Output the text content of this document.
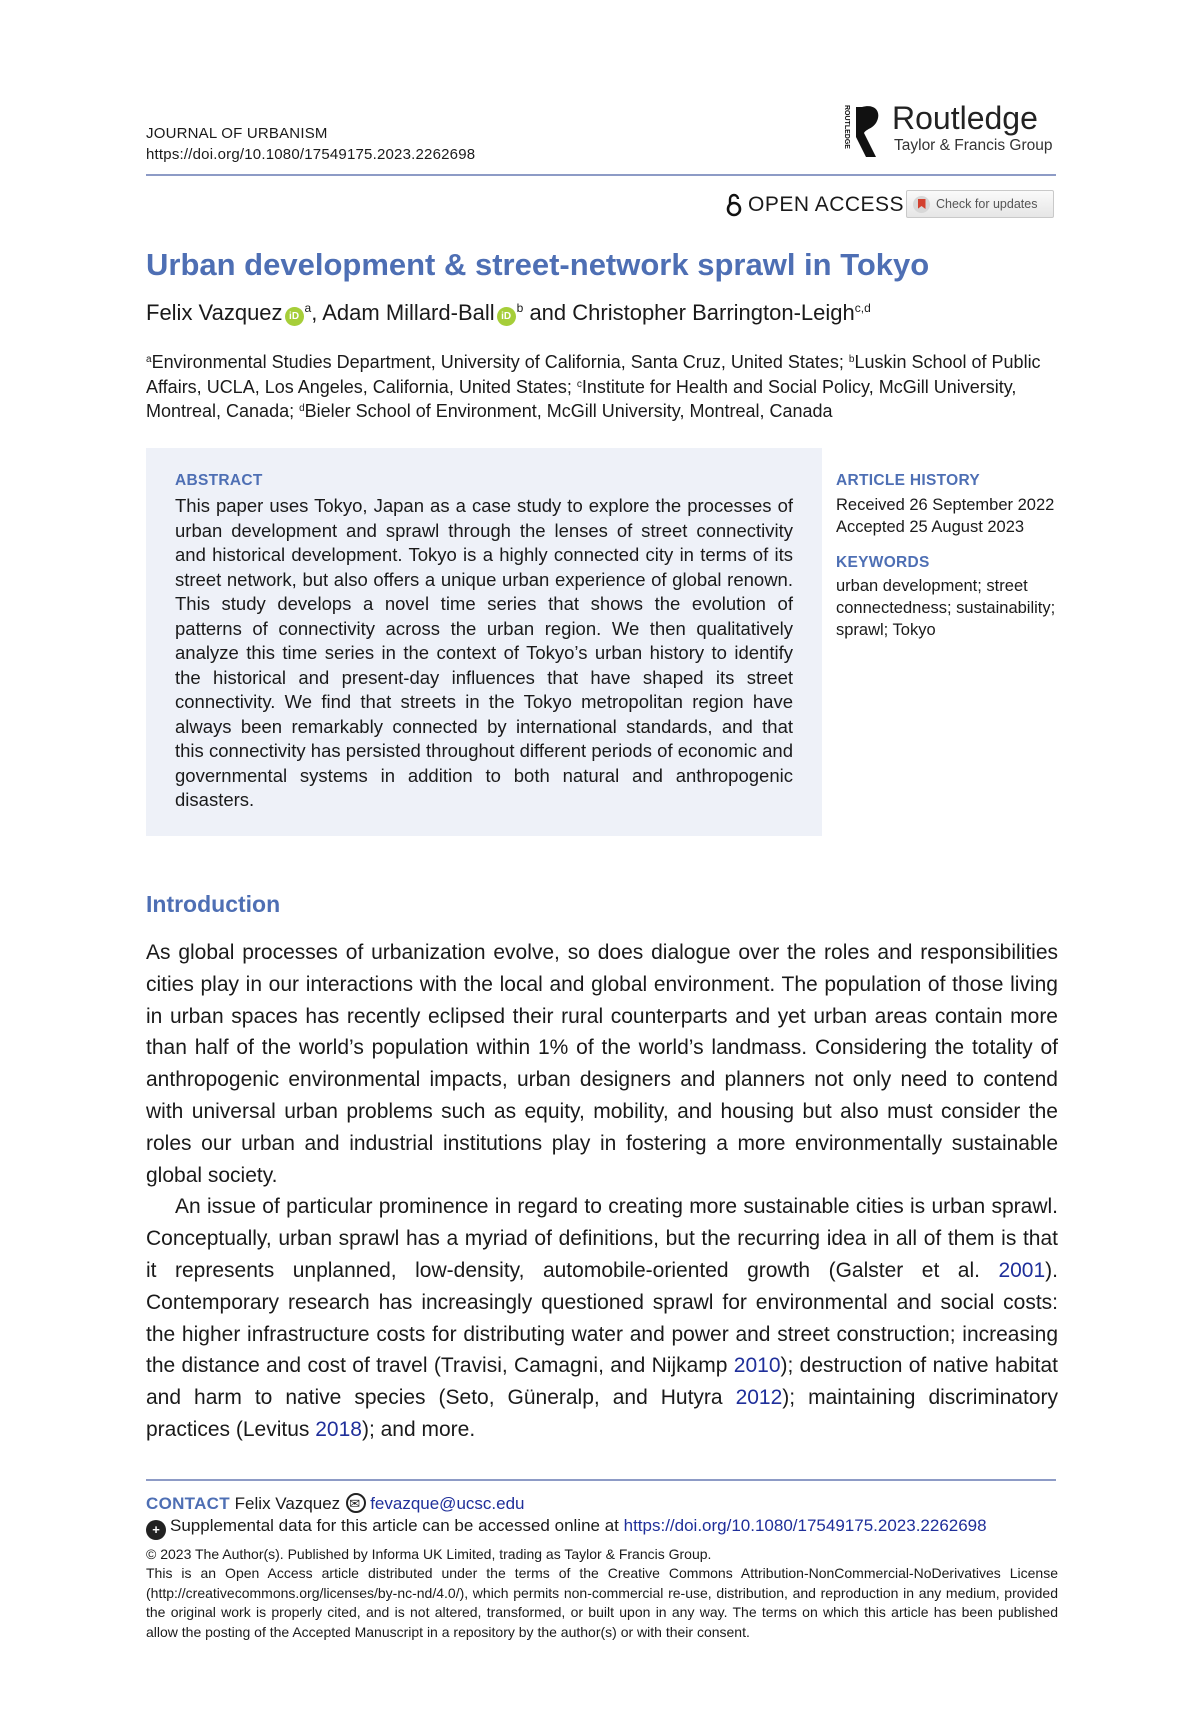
JOURNAL OF URBANISM
https://doi.org/10.1080/17549175.2023.2262698
ROUTLEDGE Routledge
Taylor & Francis Group
OPEN ACCESS	Check for updates
Urban development & street-network sprawl in Tokyo
Felix Vazquez $iD^a$, Adam Millard-Ball $iD^b$ and Christopher Barrington-Leigh$^{c,d}$
$^a$Environmental Studies Department, University of California, Santa Cruz, United States; $^b$Luskin School of Public Affairs, UCLA, Los Angeles, California, United States; $^c$Institute for Health and Social Policy, McGill University, Montreal, Canada; $^d$Bieler School of Environment, McGill University, Montreal, Canada
ABSTRACT
This paper uses Tokyo, Japan as a case study to explore the processes of urban development and sprawl through the lenses of street connectivity and historical development. Tokyo is a highly connected city in terms of its street network, but also offers a unique urban experience of global renown. This study develops a novel time series that shows the evolution of patterns of connectivity across the urban region. We then qualitatively analyze this time series in the context of Tokyo’s urban history to identify the historical and present-day influences that have shaped its street connectivity. We find that streets in the Tokyo metropolitan region have always been remarkably connected by international standards, and that this connectivity has persisted throughout different periods of economic and governmental systems in addition to both natural and anthropogenic disasters.
ARTICLE HISTORY
Received 26 September 2022
Accepted 25 August 2023
KEYWORDS
urban development; street connectedness; sustainability; sprawl; Tokyo
Introduction

As global processes of urbanization evolve, so does dialogue over the roles and responsibilities cities play in our interactions with the local and global environment. The population of those living in urban spaces has recently eclipsed their rural counterparts and yet urban areas contain more than half of the world’s population within 1% of the world’s landmass. Considering the totality of anthropogenic environmental impacts, urban designers and planners not only need to contend with universal urban problems such as equity, mobility, and housing but also must consider the roles our urban and industrial institutions play in fostering a more environmentally sustainable global society.

An issue of particular prominence in regard to creating more sustainable cities is urban sprawl. Conceptually, urban sprawl has a myriad of definitions, but the recurring idea in all of them is that it represents unplanned, low-density, automobile-oriented growth (Galster et al. 2001). Contemporary research has increasingly questioned sprawl for environmental and social costs: the higher infrastructure costs for distributing water and power and street construction; increasing the distance and cost of travel (Travisi, Camagni, and Nijkamp 2010); destruction of native habitat and harm to native species (Seto, Güneralp, and Hutyra 2012); maintaining discriminatory practices (Levitus 2018); and more.

CONTACT Felix Vazquez✉ fevazque@ucsc.edu
+ Supplemental data for this article can be accessed online at https://doi.org/10.1080/17549175.2023.2262698
© 2023 The Author(s). Published by Informa UK Limited, trading as Taylor & Francis Group.
This is an Open Access article distributed under the terms of the Creative Commons Attribution-NonCommercial-NoDerivatives License (http://creativecommons.org/licenses/by-nc-nd/4.0/), which permits non-commercial re-use, distribution, and reproduction in any medium, provided the original work is properly cited, and is not altered, transformed, or built upon in any way. The terms on which this article has been published allow the posting of the Accepted Manuscript in a repository by the author(s) or with their consent.
